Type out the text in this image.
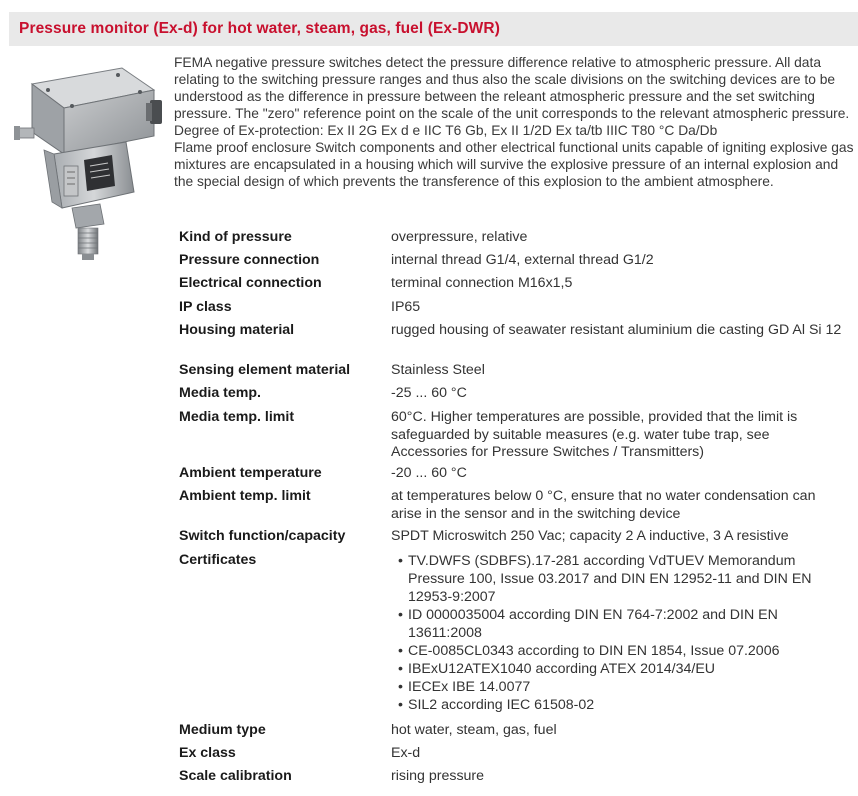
Pressure monitor (Ex-d) for hot water, steam, gas, fuel (Ex-DWR)

FEMA negative pressure switches detect the pressure difference relative to atmospheric pressure. All data relating to the switching pressure ranges and thus also the scale divisions on the switching devices are to be understood as the difference in pressure between the releant atmospheric pressure and the set switching pressure. The "zero" reference point on the scale of the unit corresponds to the relevant atmospheric pressure. Degree of Ex-protection: Ex II 2G Ex d e IIC T6 Gb, Ex II 1/2D Ex ta/tb IIIC T80 °C Da/Db

Flame proof enclosure Switch components and other electrical functional units capable of igniting explosive gas mixtures are encapsulated in a housing which will survive the explosive pressure of an internal explosion and the special design of which prevents the transference of this explosion to the ambient atmosphere.

Kind of pressure	overpressure, relative
Pressure connection	internal thread G1/4, external thread G1/2
Electrical connection	terminal connection M16x1,5
IP class	IP65
Housing material	rugged housing of seawater resistant aluminium die casting GD Al Si 12
Sensing element material	Stainless Steel
Media temp.	-25 ... 60 °C
Media temp. limit	60°C. Higher temperatures are possible, provided that the limit is safeguarded by suitable measures (e.g. water tube trap, see Accessories for Pressure Switches / Transmitters)
Ambient temperature	-20 ... 60 °C
Ambient temp. limit	at temperatures below 0 °C, ensure that no water condensation can arise in the sensor and in the switching device
Switch function/capacity	SPDT Microswitch 250 Vac; capacity 2 A inductive, 3 A resistive
Certificates
•	TV.DWFS (SDBFS).17-281 according VdTUEV Memorandum Pressure 100, Issue 03.2017 and DIN EN 12952-11 and DIN EN 12953-9:2007
• ID 0000035004 according DIN EN 764-7:2002 and DIN EN 13611:2008
• CE-0085CL0343 according to DIN EN 1854, Issue 07.2006
• IBExU12ATEX1040 according ATEX 2014/34/EU
• IECEx IBE 14.0077
• SIL2 according IEC 61508-02
Medium type	hot water, steam, gas, fuel
Ex class	Ex-d
Scale calibration	rising pressure
